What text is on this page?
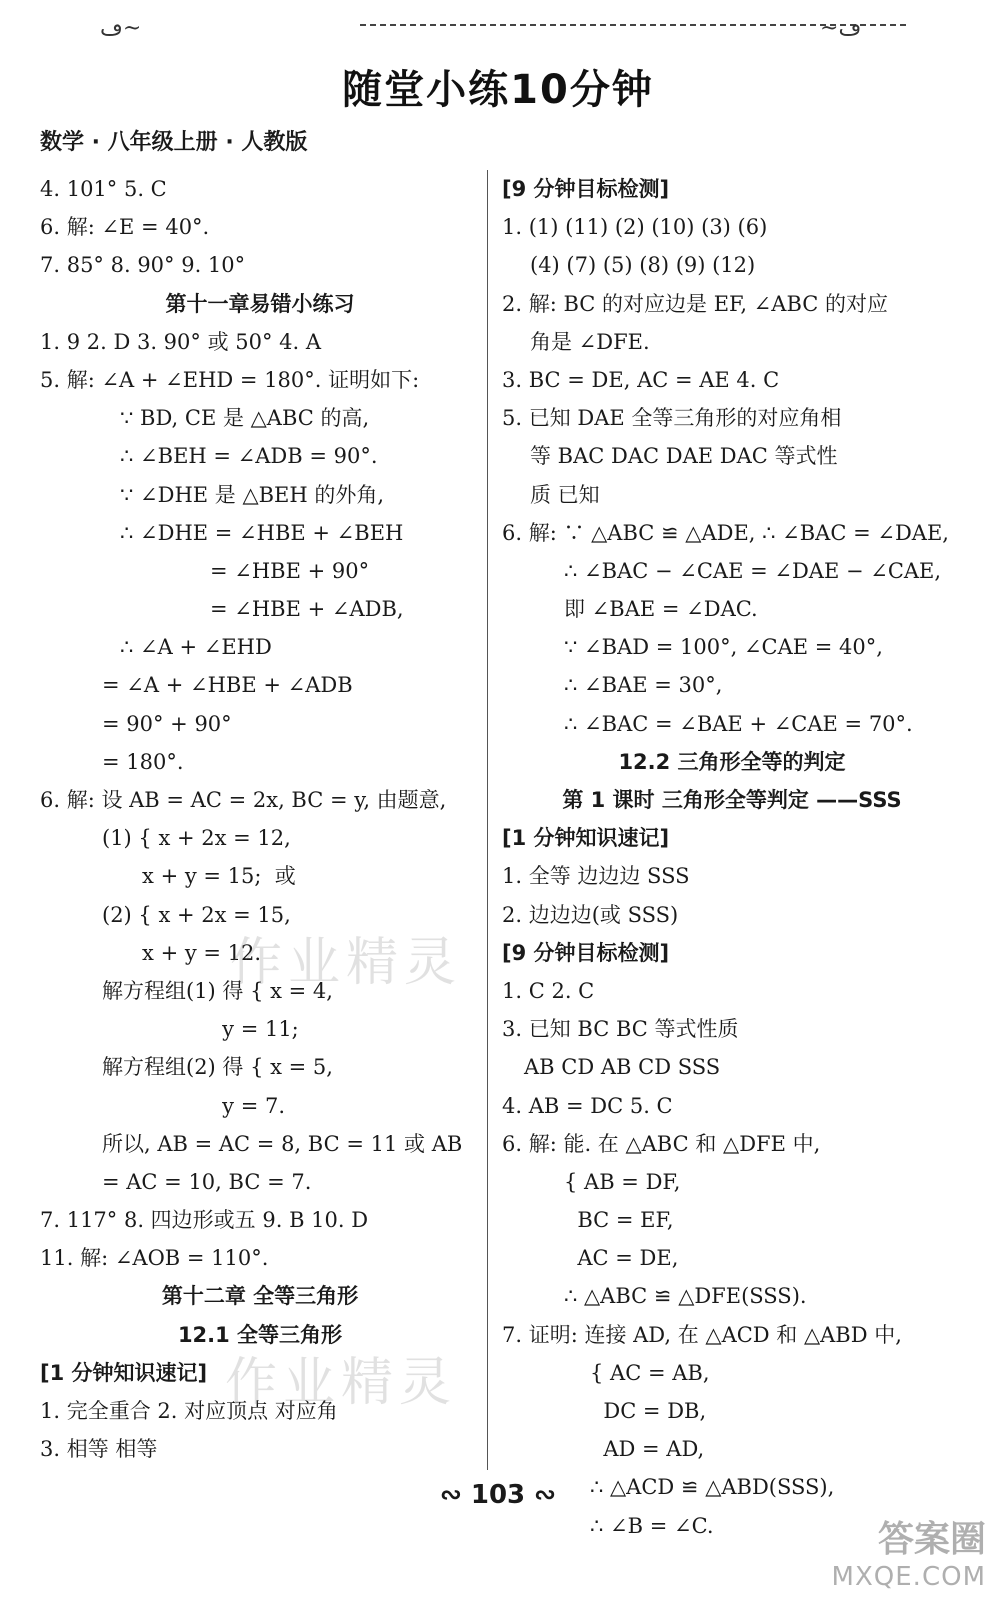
ڡ~	~ڡ
随堂小练10分钟
数学 · 八年级上册 · 人教版
4. 101° 5. C
6. 解: ∠E = 40°.
7. 85° 8. 90° 9. 10°
第十一章易错小练习
1. 9 2. D 3. 90° 或 50° 4. A
5. 解: ∠A + ∠EHD = 180°. 证明如下:
∵ BD, CE 是 △ABC 的高,
∴ ∠BEH = ∠ADB = 90°.
∵ ∠DHE 是 △BEH 的外角,
∴ ∠DHE = ∠HBE + ∠BEH
= ∠HBE + 90°
= ∠HBE + ∠ADB,
∴ ∠A + ∠EHD
= ∠A + ∠HBE + ∠ADB
= 90° + 90°
= 180°.
6. 解: 设 AB = AC = 2x, BC = y, 由题意,
(1) { x + 2x = 12,
x + y = 15;  或
(2) { x + 2x = 15,
x + y = 12.
解方程组(1) 得 { x = 4,
y = 11;
解方程组(2) 得 { x = 5,
y = 7.
所以, AB = AC = 8, BC = 11 或 AB
= AC = 10, BC = 7.
7. 117° 8. 四边形或五 9. B 10. D
11. 解: ∠AOB = 110°.
第十二章 全等三角形
12.1 全等三角形
[1 分钟知识速记]
1. 完全重合 2. 对应顶点 对应角
3. 相等 相等
[9 分钟目标检测]
1. (1) (11) (2) (10) (3) (6)
(4) (7) (5) (8) (9) (12)
2. 解: BC 的对应边是 EF, ∠ABC 的对应
角是 ∠DFE.
3. BC = DE, AC = AE 4. C
5. 已知 DAE 全等三角形的对应角相
等 BAC DAC DAE DAC 等式性
质 已知
6. 解: ∵ △ABC ≌ △ADE, ∴ ∠BAC = ∠DAE,
∴ ∠BAC − ∠CAE = ∠DAE − ∠CAE,
即 ∠BAE = ∠DAC.
∵ ∠BAD = 100°, ∠CAE = 40°,
∴ ∠BAE = 30°,
∴ ∠BAC = ∠BAE + ∠CAE = 70°.
12.2 三角形全等的判定
第 1 课时 三角形全等判定 ——SSS
[1 分钟知识速记]
1. 全等 边边边 SSS
2. 边边边(或 SSS)
[9 分钟目标检测]
1. C 2. C
3. 已知 BC BC 等式性质
AB CD AB CD SSS
4. AB = DC 5. C
6. 解: 能. 在 △ABC 和 △DFE 中,
{ AB = DF,
BC = EF,
AC = DE,
∴ △ABC ≌ △DFE(SSS).
7. 证明: 连接 AD, 在 △ACD 和 △ABD 中,
{ AC = AB,
DC = DB,
AD = AD,
∴ △ACD ≌ △ABD(SSS),
∴ ∠B = ∠C.
作业精灵
作业精灵
∾ 103 ∾
答案圈
MXQE.COM
